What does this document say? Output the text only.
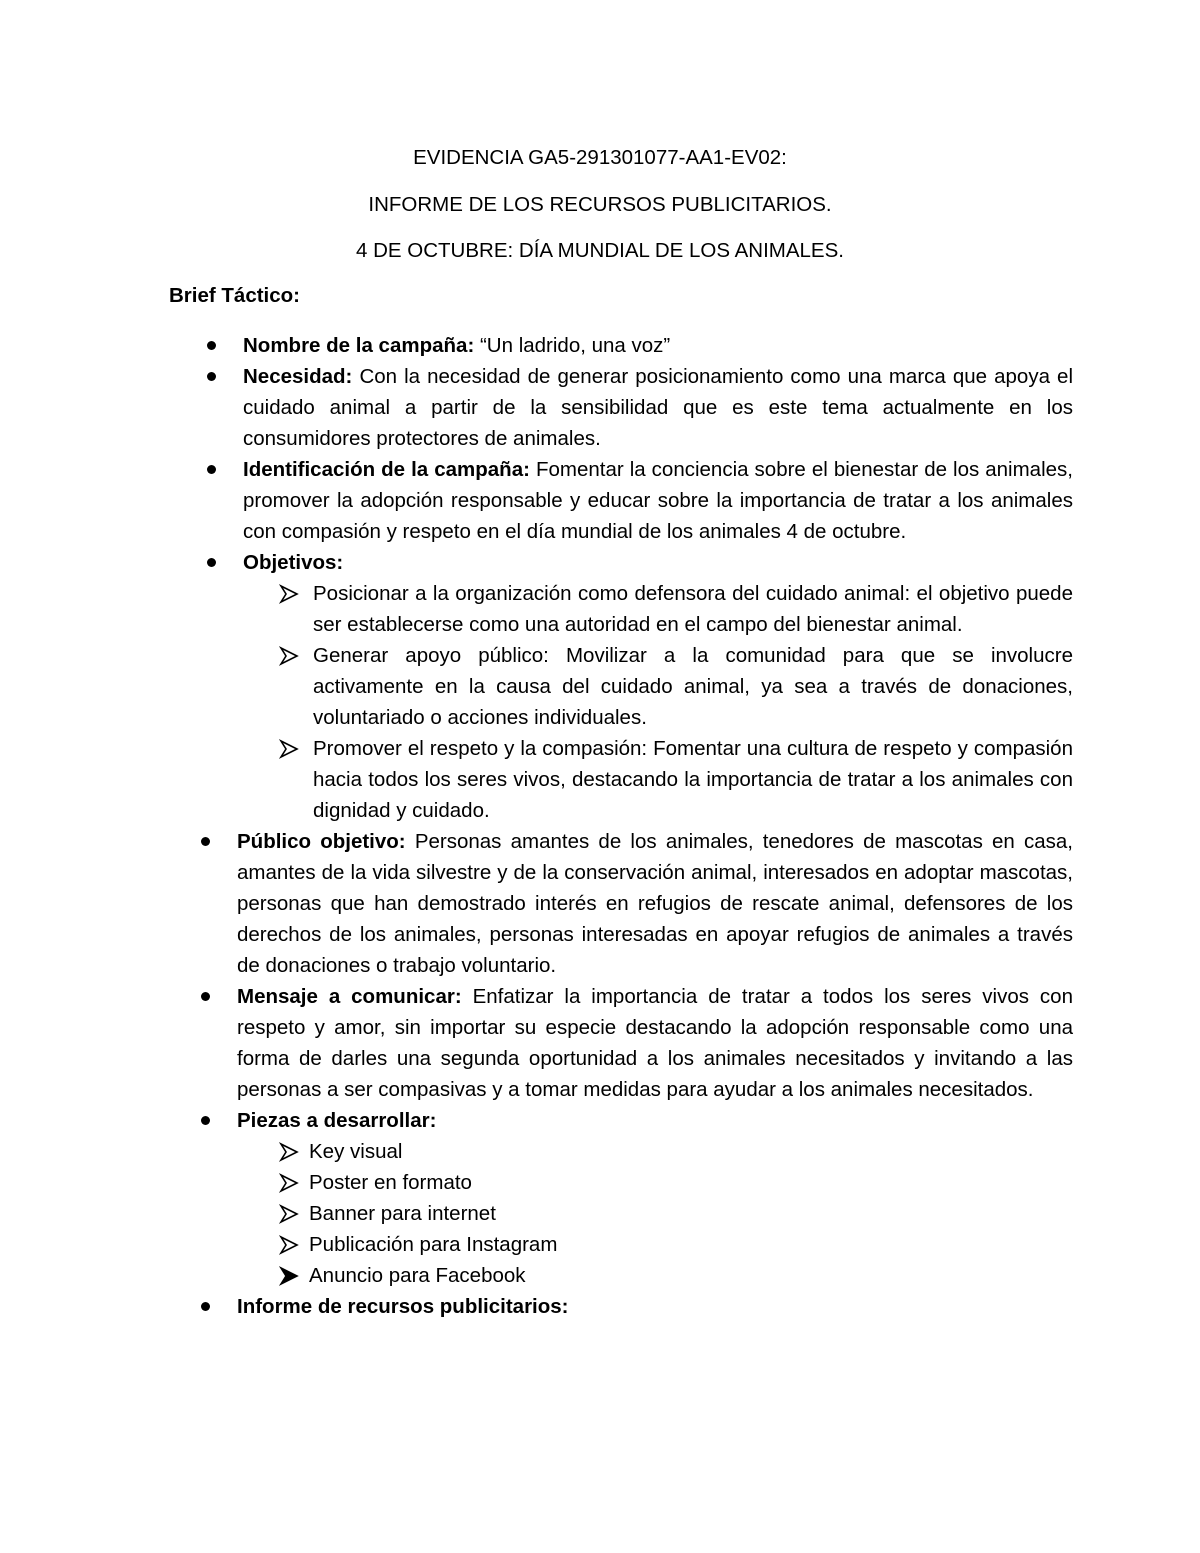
EVIDENCIA GA5-291301077-AA1-EV02:
INFORME DE LOS RECURSOS PUBLICITARIOS.
4 DE OCTUBRE: DÍA MUNDIAL DE LOS ANIMALES.
Brief Táctico:
Nombre de la campaña: “Un ladrido, una voz”
Necesidad: Con la necesidad de generar posicionamiento como una marca que apoya el cuidado animal a partir de la sensibilidad que es este tema actualmente en los consumidores protectores de animales.
Identificación de la campaña: Fomentar la conciencia sobre el bienestar de los animales, promover la adopción responsable y educar sobre la importancia de tratar a los animales con compasión y respeto en el día mundial de los animales 4 de octubre.
Objetivos:
Posicionar a la organización como defensora del cuidado animal: el objetivo puede ser establecerse como una autoridad en el campo del bienestar animal.
Generar apoyo público: Movilizar a la comunidad para que se involucre activamente en la causa del cuidado animal, ya sea a través de donaciones, voluntariado o acciones individuales.
Promover el respeto y la compasión: Fomentar una cultura de respeto y compasión hacia todos los seres vivos, destacando la importancia de tratar a los animales con dignidad y cuidado.
Público objetivo: Personas amantes de los animales, tenedores de mascotas en casa, amantes de la vida silvestre y de la conservación animal, interesados en adoptar mascotas, personas que han demostrado interés en refugios de rescate animal, defensores de los derechos de los animales, personas interesadas en apoyar refugios de animales a través de donaciones o trabajo voluntario.
Mensaje a comunicar: Enfatizar la importancia de tratar a todos los seres vivos con respeto y amor, sin importar su especie destacando la adopción responsable como una forma de darles una segunda oportunidad a los animales necesitados y invitando a las personas a ser compasivas y a tomar medidas para ayudar a los animales necesitados.
Piezas a desarrollar:
Key visual
Poster en formato
Banner para internet
Publicación para Instagram
Anuncio para Facebook
Informe de recursos publicitarios:
